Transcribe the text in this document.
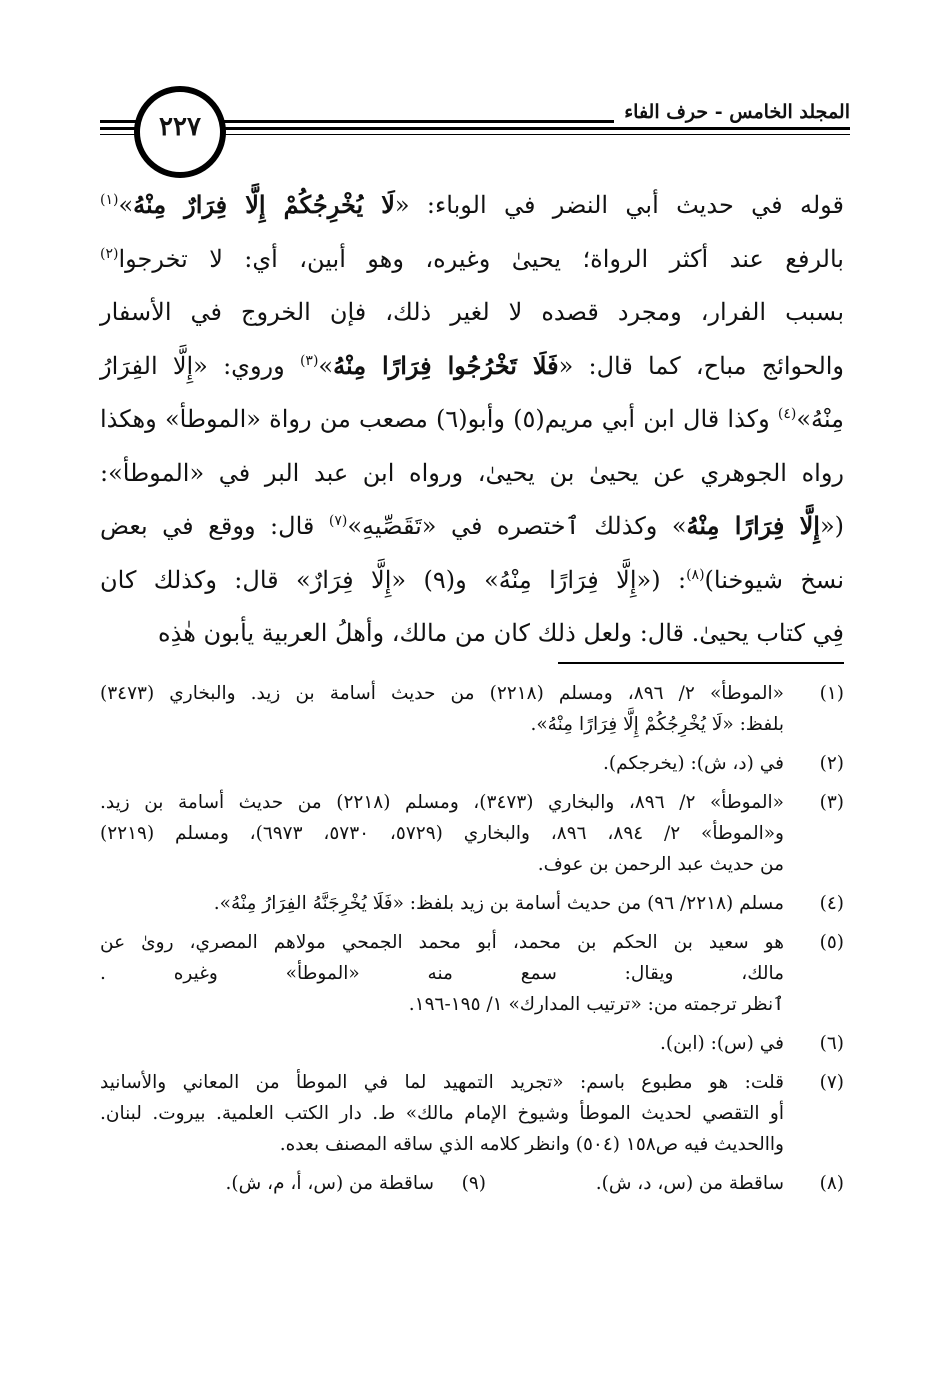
المجلد الخامس - حرف الفاء
٢٢٧
قوله في حديث أبي النضر في الوباء: «لَا يُخْرِجُكُمْ إِلَّا فِرَارٌ مِنْهُ»$^{(١)}$
بالرفع عند أكثر الرواة؛ يحيىٰ وغيره، وهو أبين، أي: لا تخرجوا$^{(٢)}$
بسبب الفرار، ومجرد قصده لا لغير ذلك، فإن الخروج في الأسفار
والحوائج مباح، كما قال: «فَلَا تَخْرُجُوا فِرَارًا مِنْهُ»$^{(٣)}$ وروي: «إِلَّا الفِرَارُ
مِنْهُ»$^{(٤)}$ وكذا قال ابن أبي مريم(٥) وأبو(٦) مصعب من رواة «الموطأ» وهكذا
رواه الجوهري عن يحيىٰ بن يحيىٰ، ورواه ابن عبد البر في «الموطأ»:
(«إِلَّا فِرَارًا مِنْهُ» وكذلك ٱختصره في «تَقَصِّيهِ»$^{(٧)}$ قال: ووقع في بعض
نسخ شيوخنا)$^{(٨)}$: («إِلَّا فِرَارًا مِنْهُ» و(٩) «إِلَّا فِرَارٌ» قال: وكذلك كان
فِي كتاب يحيىٰ. قال: ولعل ذلك كان من مالك، وأهلُ العربية يأبون هٰذِه
(١)
«الموطأ» ٢/ ٨٩٦، ومسلم (٢٢١٨) من حديث أسامة بن زيد. والبخاري (٣٤٧٣)
بلفظ: «لَا يُخْرِجُكُمْ إِلَّا فِرَارًا مِنْهُ».
(٢)
في (د، ش): (يخرجكم).
(٣)
«الموطأ» ٢/ ٨٩٦، والبخاري (٣٤٧٣)، ومسلم (٢٢١٨) من حديث أسامة بن زيد.
و«الموطأ» ٢/ ٨٩٤، ٨٩٦، والبخاري (٥٧٢٩، ٥٧٣٠، ٦٩٧٣)، ومسلم (٢٢١٩)
من حديث عبد الرحمن بن عوف.
(٤)
مسلم (٢٢١٨/ ٩٦) من حديث أسامة بن زيد بلفظ: «فَلَا يُخْرِجَنَّهُ الفِرَارُ مِنْهُ».
(٥)
هو سعيد بن الحكم بن محمد، أبو محمد الجمحي مولاهم المصري، روىٰ عن
مالك، ويقال: سمع منه «الموطأ» وغيره .
ٱنظر ترجمته من: «ترتيب المدارك» ١/ ١٩٥-١٩٦.
(٦)
في (س): (ابن).
(٧)
قلت: هو مطبوع باسم: «تجريد التمهيد لما في الموطأ من المعاني والأسانيد
أو التقصي لحديث الموطأ وشيوخ الإمام مالك» ط. دار الكتب العلمية. بيروت. لبنان.
واالحديث فيه ص١٥٨ (٥٠٤) وانظر كلامه الذي ساقه المصنف بعده.
(٨)
ساقطة من (س، د، ش).
(٩)
ساقطة من (س، أ، م، ش).
